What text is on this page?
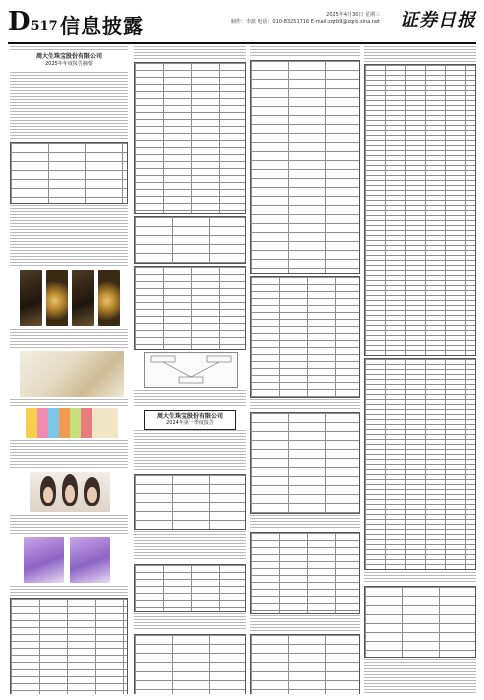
D517 信息披露	2025年4月30日 星期三
制作：李波 电话：010-83251716 E-mail:zqrb9@zqrb.sina.net 证券日报
周大生珠宝股份有限公司
2025年年度报告摘要
周大生珠宝股份有限公司
2024年第一季度报告
